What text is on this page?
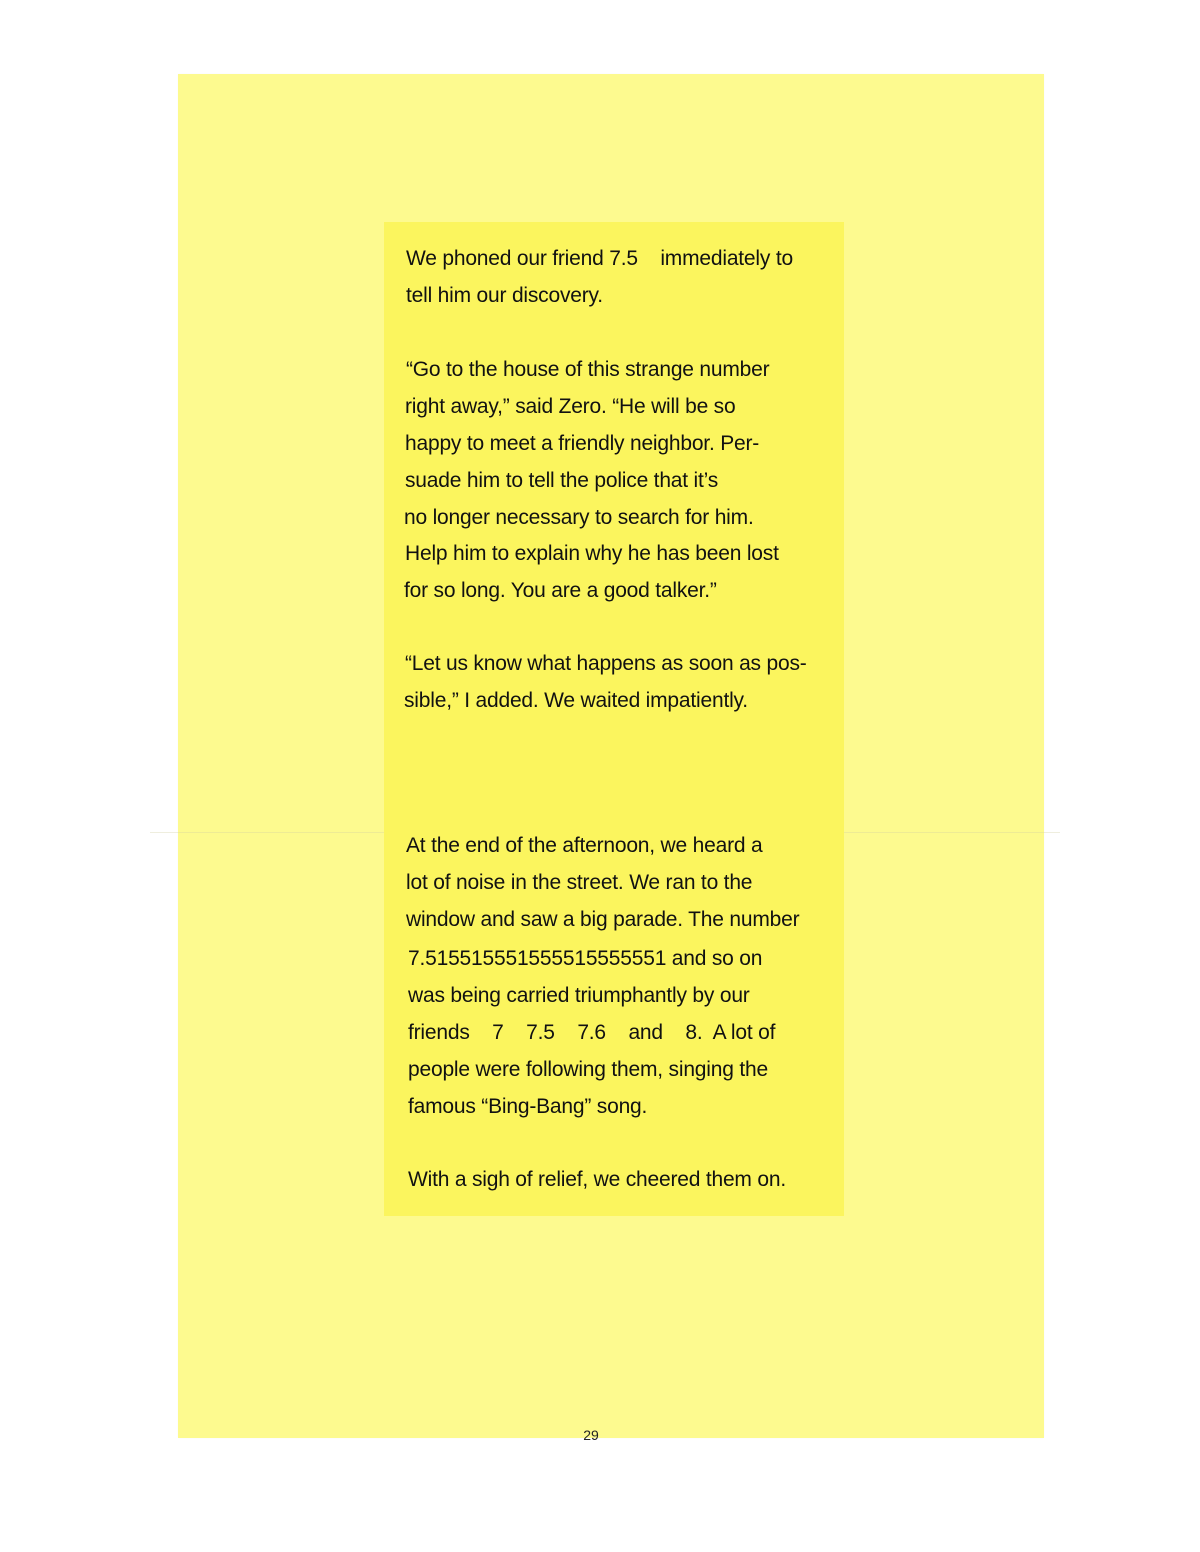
We phoned our friend 7.5    immediately to

tell him our discovery.

“Go to the house of this strange number

right away,” said Zero. “He will be so

happy to meet a friendly neighbor. Per-

suade him to tell the police that it’s

no longer necessary to search for him.

Help him to explain why he has been lost

for so long. You are a good talker.”

“Let us know what happens as soon as pos-

sible,” I added. We waited impatiently.

At the end of the afternoon, we heard a

lot of noise in the street. We ran to the

window and saw a big parade. The number

7.515515551555515555551 and so on

was being carried triumphantly by our

friends    7    7.5    7.6    and    8.  A lot of

people were following them, singing the

famous “Bing-Bang” song.

With a sigh of relief, we cheered them on.

29
